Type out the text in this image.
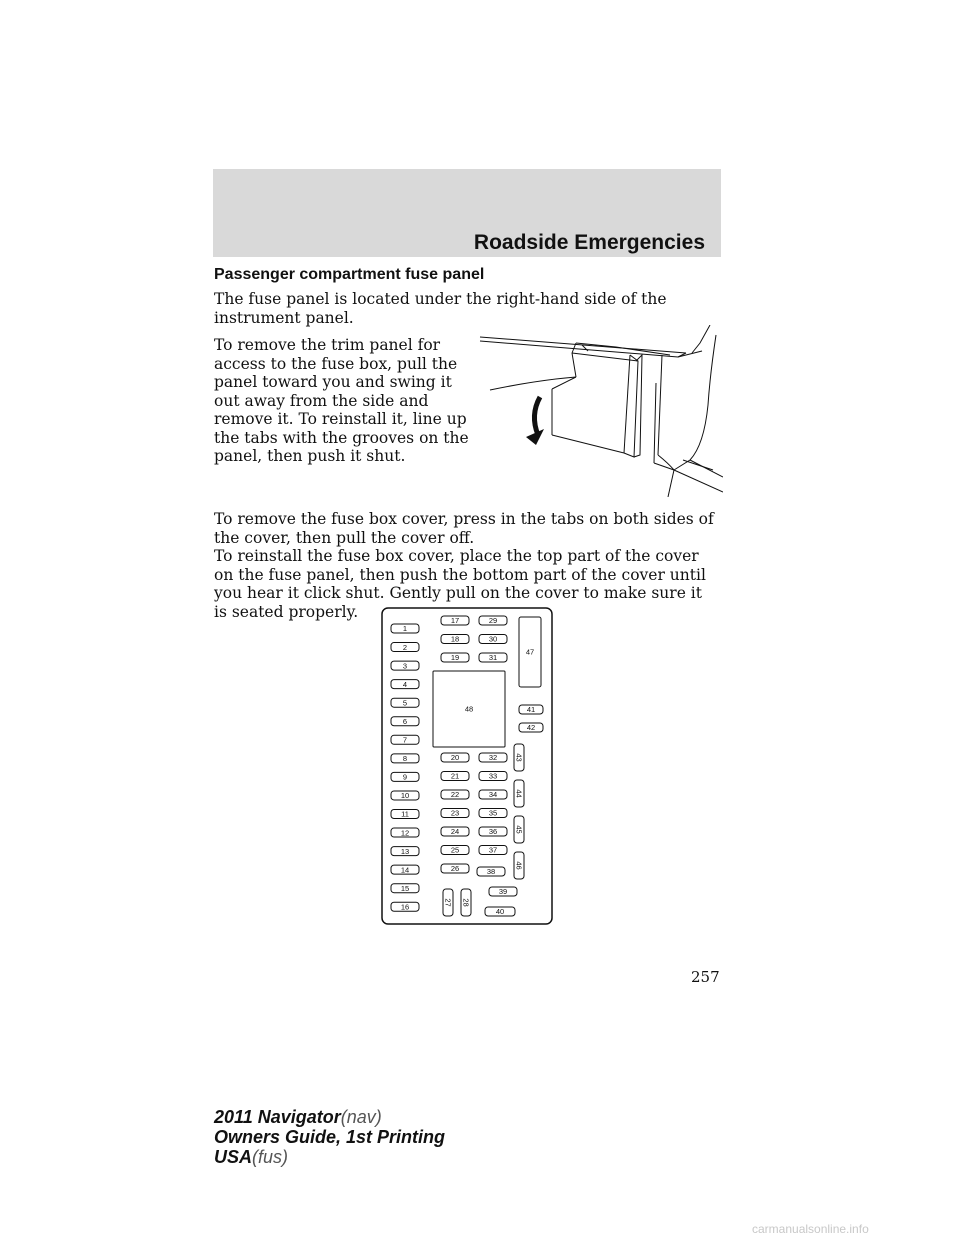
Roadside Emergencies
Passenger compartment fuse panel

The fuse panel is located under the right-hand side of the instrument panel.

To remove the trim panel for access to the fuse box, pull the panel toward you and swing it out away from the side and remove it. To reinstall it, line up the tabs with the grooves on the panel, then push it shut.

To remove the fuse box cover, press in the tabs on both sides of the cover, then pull the cover off.

To reinstall the fuse box cover, place the top part of the cover on the fuse panel, then push the bottom part of the cover until you hear it click shut. Gently pull on the cover to make sure it is seated properly.

1
2
3
4
5
6
7
8
9
10
11
12
13
14
15
16
17
18
19
29
30
31
47
48	41
42
20
21
22
23
24
25
26
32
33
34
35
36
37
38
43
44
45
46
27 28
39
40
257
2011 Navigator(nav)
Owners Guide, 1st Printing
USA(fus)
carmanualsonline.info
